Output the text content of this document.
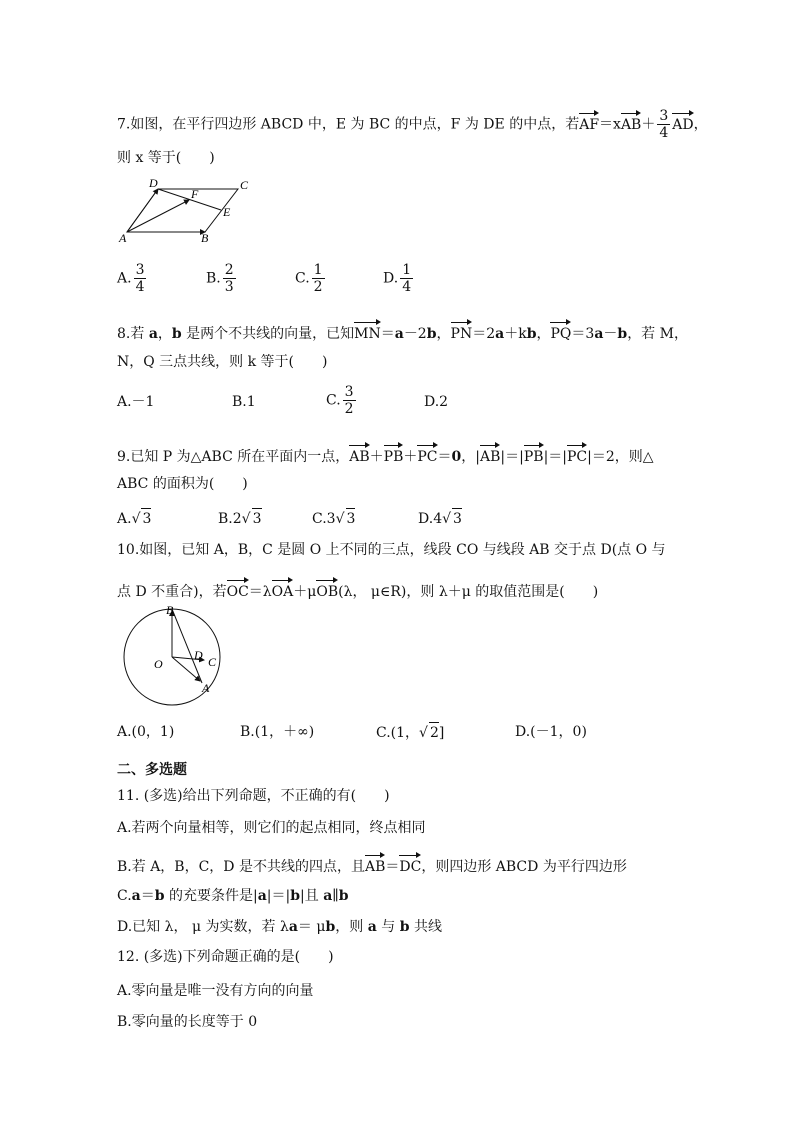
7.如图，在平行四边形 ABCD 中，E 为 BC 的中点，F 为 DE 的中点，若$AF=xAB+ \frac{3}{4}$ AD，
则 x 等于(　　)
D
F
C
E
A	B
A. $\frac{3}{4}$	B. $\frac{2}{3}$	C. $\frac{1}{2}$	D. $\frac{1}{4}$
8.若 a，b 是两个不共线的向量，已知MN＝a－2b，PN＝2a＋kb，PQ＝3a－b，若 M，
N，Q 三点共线，则 k 等于(　　)
A.－1	B.1	C. $\frac{3}{2}$	D.2
9.已知 P 为△ABC 所在平面内一点，AB＋PB＋PC＝0，|AB|＝|PB|＝|PC|＝2，则△
ABC 的面积为(　　)
A.√ 3	B.2√ 3	C.3√ 3	D.4√ 3
10.如图，已知 A，B，C 是圆 O 上不同的三点，线段 CO 与线段 AB 交于点 D(点 O 与
点 D 不重合)，若OC＝λOA＋μOB(λ， μ∈R)，则 λ＋μ 的取值范围是(　　)
B
O
D C
A
A.(0，1)	B.(1，＋∞)	C.(1，√ 2]	D.(－1，0)
二、多选题
11. (多选)给出下列命题，不正确的有(　　)
A.若两个向量相等，则它们的起点相同，终点相同
B.若 A，B，C，D 是不共线的四点，且AB＝DC，则四边形 ABCD 为平行四边形
C.a＝b 的充要条件是|a|＝|b|且 a∥b
D.已知 λ， μ 为实数，若 λa＝ μb，则 a 与 b 共线
12. (多选)下列命题正确的是(　　)
A.零向量是唯一没有方向的向量
B.零向量的长度等于 0
